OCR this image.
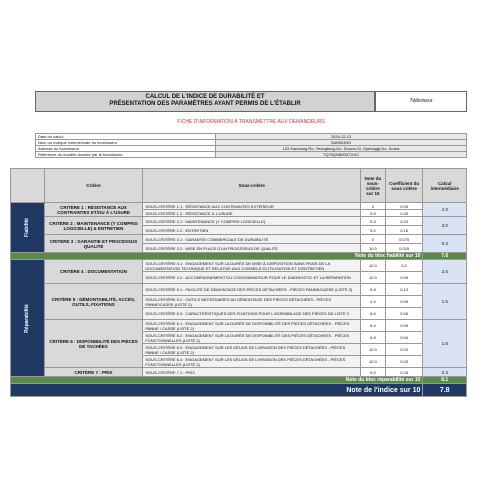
CALCUL DE L'INDICE DE DURABILITÉ ET
PRÉSENTATION DES PARAMÈTRES AYANT PERMIS DE L'ÉTABLIR	Téléviseur
FICHE D'INFORMATION À TRANSMETTRE AUX DEMANDEURS
Date du calcul	2024-12-13
Nom ou marque commerciale du fournisseur	SAMSUNG
Adresse du fournisseur	129 Samsung Ro, Yeongtong-Gu, Suwon-Si, Gyeonggi-Do, Korea
Référence du modèle donnée par le fournisseur	TQ75QN800DTXXC
	Critère	Sous-critère	Note du sous-critère sur 10	Coefficient du sous critère	Calcul intermédiaire
Fiabilité	CRITÈRE 1 : RÉSISTANCE AUX CONTRAINTES ET/OU À L'USURE	SOUS-CRITÈRE 1.1 : RÉSISTANCE AUX CONTRAINTES EXTÉRIEUR	0	0.05	4.3
		SOUS-CRITÈRE 1.2 : RÉSISTANCE À L'USURE	9.5	0.45	
	CRITÈRE 2 : MAINTENANCE (Y COMPRIS LOGICIELLE) & ENTRETIEN	SOUS-CRITÈRE 2.1 : MAINTENANCE (Y COMPRIS LOGICIELLE)	9.3	0.24	3.0
		SOUS-CRITÈRE 2.2 : ENTRETIEN	5.0	0.16	
	CRITÈRE 3 : GARANTIE ET PROCESSUS QUALITÉ	SOUS-CRITÈRE 3.1 : GARANTIE COMMERCIALE DE DURABILITÉ	0	0.075	0.3
		SOUS-CRITÈRE 3.2 : MISE EN PLACE D'UN PROCESSUS DE QUALITÉ	10.0	0.025	
Note du bloc fiabilité sur 10					7.6
Réparabilité	CRITÈRE 4 : DOCUMENTATION	SOUS-CRITÈRE 4.1 : ENGAGEMENT SUR LA DURÉE DE MISE À DISPOSITION SANS FRAIS DE LA DOCUMENTATION TECHNIQUE ET RELATIVE AUX CONSEILS D'UTILISATION ET D'ENTRETIEN	10.0	0.2	2.5
		SOUS-CRITÈRE 4.2 : ACCOMPAGNEMENT DU CONSOMMATEUR POUR LE DIAGNOSTIC ET LA RÉPARATION	10.0	0.05	
	CRITÈRE 5 : DÉMONTABILITÉ, ACCÈS, OUTILS, FIXATIONS	SOUS-CRITÈRE 5.1 : FACILITÉ DE DÉMONTAGE DES PIÈCES DÉTACHÉES - PIÈCES PANNE/CASSE (LISTE 2)	5.8	0.13	1.5
		SOUS-CRITÈRE 5.2 : OUTILS NÉCESSAIRES AU DÉMONTAGE DES PIÈCES DÉTACHÉES - PIÈCES PANNE/CASSE (LISTE 2)	4.4	0.06	
		SOUS-CRITÈRE 5.3 : CARACTÉRISTIQUES DES FIXATIONS POUR L'ASSEMBLAGE DES PIÈCES DE LISTE 2	8.6	0.06	
	CRITÈRE 6 : DISPONIBILITÉ DES PIÈCES DE TACHÉES	SOUS-CRITÈRE 6.1 : ENGAGEMENT SUR LA DURÉE DE DISPONIBILITÉ DES PIÈCES DÉTACHÉES - PIÈCES PANNE / CASSE (LISTE 2)	6.4	0.06	1.8
		SOUS-CRITÈRE 6.2 : ENGAGEMENT SUR LA DURÉE DE DISPONIBILITÉ DES PIÈCES DÉTACHÉES - PIÈCES FONCTIONNELLES (LISTE 2)	6.8	0.04	
		SOUS-CRITÈRE 6.3 : ENGAGEMENT SUR LES DÉLAIS DE LIVRAISON DES PIÈCES DÉTACHÉES - PIÈCES PANNE / CASSE (LISTE 2)	10.0	0.03	
		SOUS-CRITÈRE 6.4 : ENGAGEMENT SUR LES DÉLAIS DE LIVRAISON DES PIÈCES DÉTACHÉES - PIÈCES FONCTIONNELLES (LISTE 2)	10.0	0.03	
	CRITÈRE 7 : PRIX	SOUS-CRITÈRE 7.1 : PRIX	9.0	0.25	2.3
Note du bloc réparabilité sur 10					8.1
Note de l'indice sur 10					7.8
